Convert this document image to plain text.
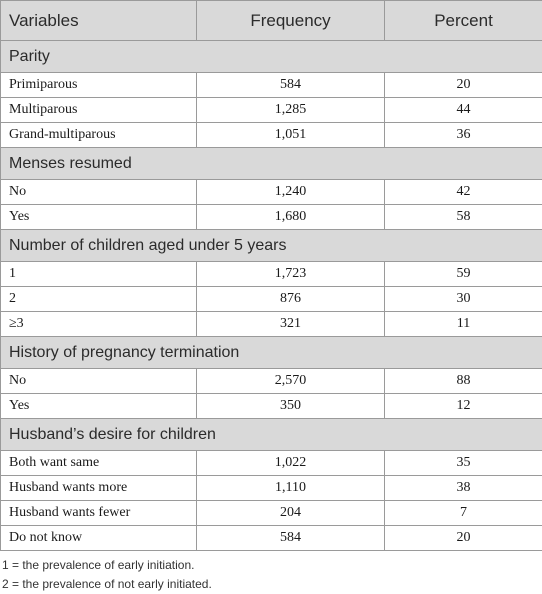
Variables	Frequency	Percent
Parity		
Primiparous	584	20
Multiparous	1,285	44
Grand-multiparous	1,051	36
Menses resumed		
No	1,240	42
Yes	1,680	58
Number of children aged under 5 years		
1	1,723	59
2	876	30
≥3	321	11
History of pregnancy termination		
No	2,570	88
Yes	350	12
Husband’s desire for children		
Both want same	1,022	35
Husband wants more	1,110	38
Husband wants fewer	204	7
Do not know	584	20
1 = the prevalence of early initiation.
2 = the prevalence of not early initiated.
